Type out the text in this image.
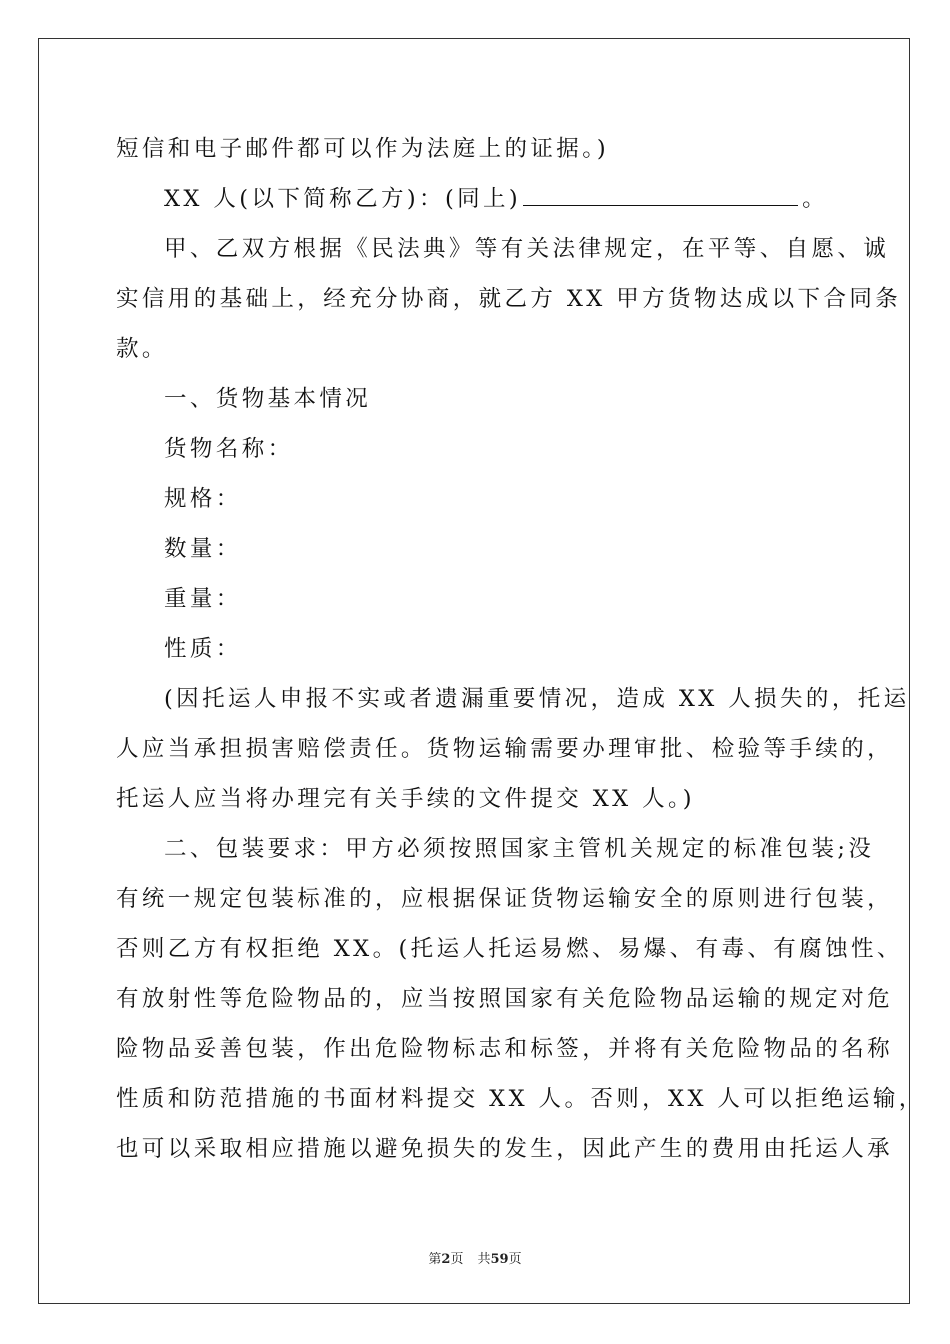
短信和电子邮件都可以作为法庭上的证据。)
XX 人(以下简称乙方)：(同上)	。
甲、乙双方根据《民法典》等有关法律规定，在平等、自愿、诚
实信用的基础上，经充分协商，就乙方 XX 甲方货物达成以下合同条
款。
一、货物基本情况
货物名称：
规格：
数量：
重量：
性质：
(因托运人申报不实或者遗漏重要情况，造成 XX 人损失的，托运
人应当承担损害赔偿责任。货物运输需要办理审批、检验等手续的，
托运人应当将办理完有关手续的文件提交 XX 人。)
二、包装要求：甲方必须按照国家主管机关规定的标准包装;没
有统一规定包装标准的，应根据保证货物运输安全的原则进行包装，
否则乙方有权拒绝 XX。(托运人托运易燃、易爆、有毒、有腐蚀性、
有放射性等危险物品的，应当按照国家有关危险物品运输的规定对危
险物品妥善包装，作出危险物标志和标签，并将有关危险物品的名称
性质和防范措施的书面材料提交 XX 人。否则，XX 人可以拒绝运输，
也可以采取相应措施以避免损失的发生，因此产生的费用由托运人承
第2页 共59页
